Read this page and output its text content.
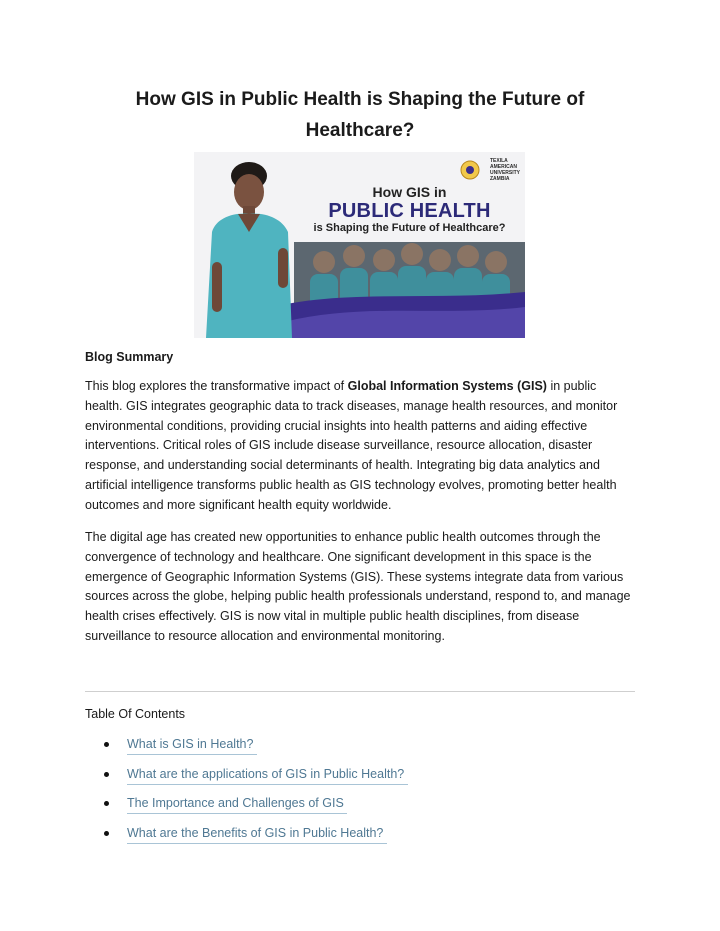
How GIS in Public Health is Shaping the Future of Healthcare?
TEXILA
AMERICAN
UNIVERSITY
ZAMBIA
How GIS in
PUBLIC HEALTH
is Shaping the Future of Healthcare?
Blog Summary

This blog explores the transformative impact of Global Information Systems (GIS) in public health. GIS integrates geographic data to track diseases, manage health resources, and monitor environmental conditions, providing crucial insights into health patterns and aiding effective interventions. Critical roles of GIS include disease surveillance, resource allocation, disaster response, and understanding social determinants of health. Integrating big data analytics and artificial intelligence transforms public health as GIS technology evolves, promoting better health outcomes and more significant health equity worldwide.

The digital age has created new opportunities to enhance public health outcomes through the convergence of technology and healthcare. One significant development in this space is the emergence of Geographic Information Systems (GIS). These systems integrate data from various sources across the globe, helping public health professionals understand, respond to, and manage health crises effectively. GIS is now vital in multiple public health disciplines, from disease surveillance to resource allocation and environmental monitoring.

Table Of Contents
What is GIS in Health?
What are the applications of GIS in Public Health?
The Importance and Challenges of GIS
What are the Benefits of GIS in Public Health?
